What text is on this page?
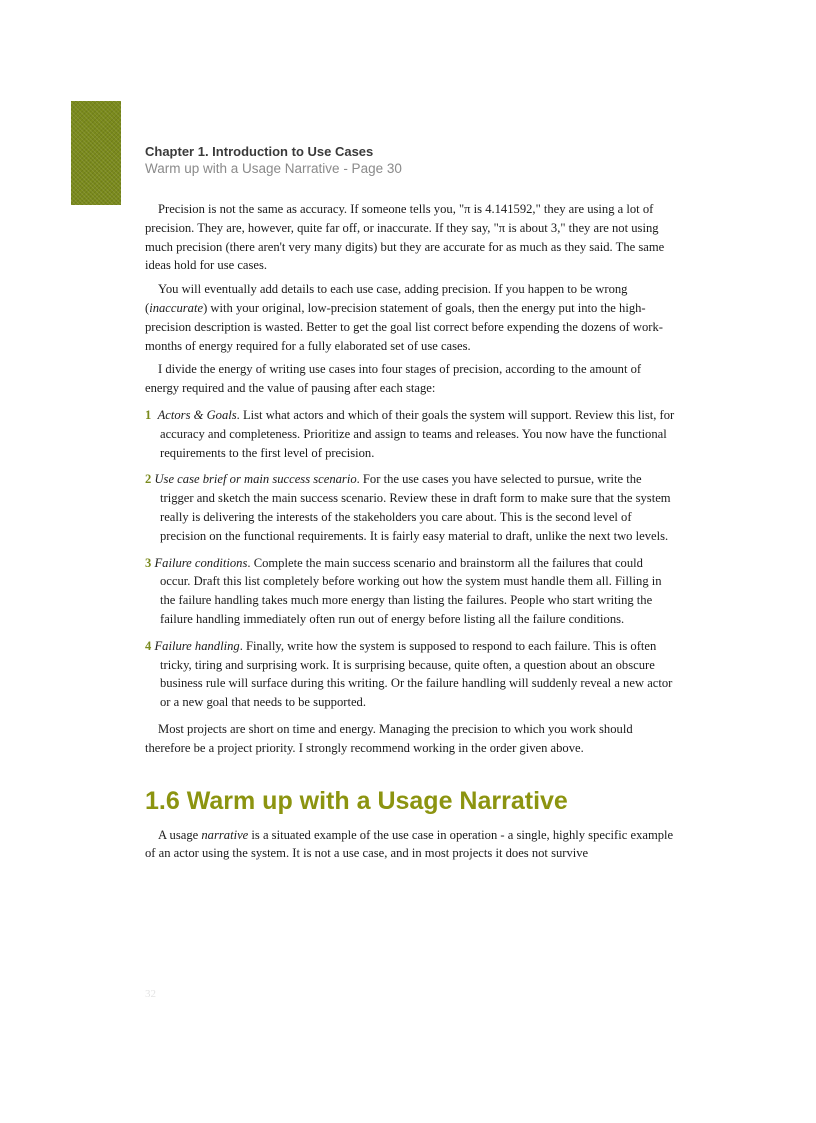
Chapter 1. Introduction to Use Cases
Warm up with a Usage Narrative - Page 30

Precision is not the same as accuracy. If someone tells you, "π is 4.141592," they are using a lot of precision. They are, however, quite far off, or inaccurate. If they say, "π is about 3," they are not using much precision (there aren't very many digits) but they are accurate for as much as they said. The same ideas hold for use cases.

You will eventually add details to each use case, adding precision. If you happen to be wrong (inaccurate) with your original, low-precision statement of goals, then the energy put into the high-precision description is wasted. Better to get the goal list correct before expending the dozens of work-months of energy required for a fully elaborated set of use cases.

I divide the energy of writing use cases into four stages of precision, according to the amount of energy required and the value of pausing after each stage:

1 Actors & Goals. List what actors and which of their goals the system will support. Review this list, for accuracy and completeness. Prioritize and assign to teams and releases. You now have the functional requirements to the first level of precision.
2 Use case brief or main success scenario. For the use cases you have selected to pursue, write the trigger and sketch the main success scenario. Review these in draft form to make sure that the system really is delivering the interests of the stakeholders you care about. This is the second level of precision on the functional requirements. It is fairly easy material to draft, unlike the next two levels.
3 Failure conditions. Complete the main success scenario and brainstorm all the failures that could occur. Draft this list completely before working out how the system must handle them all. Filling in the failure handling takes much more energy than listing the failures. People who start writing the failure handling immediately often run out of energy before listing all the failure conditions.
4 Failure handling. Finally, write how the system is supposed to respond to each failure. This is often tricky, tiring and surprising work. It is surprising because, quite often, a question about an obscure business rule will surface during this writing. Or the failure handling will suddenly reveal a new actor or a new goal that needs to be supported.

Most projects are short on time and energy. Managing the precision to which you work should therefore be a project priority. I strongly recommend working in the order given above.

1.6 Warm up with a Usage Narrative

A usage narrative is a situated example of the use case in operation - a single, highly specific example of an actor using the system. It is not a use case, and in most projects it does not survive

32
